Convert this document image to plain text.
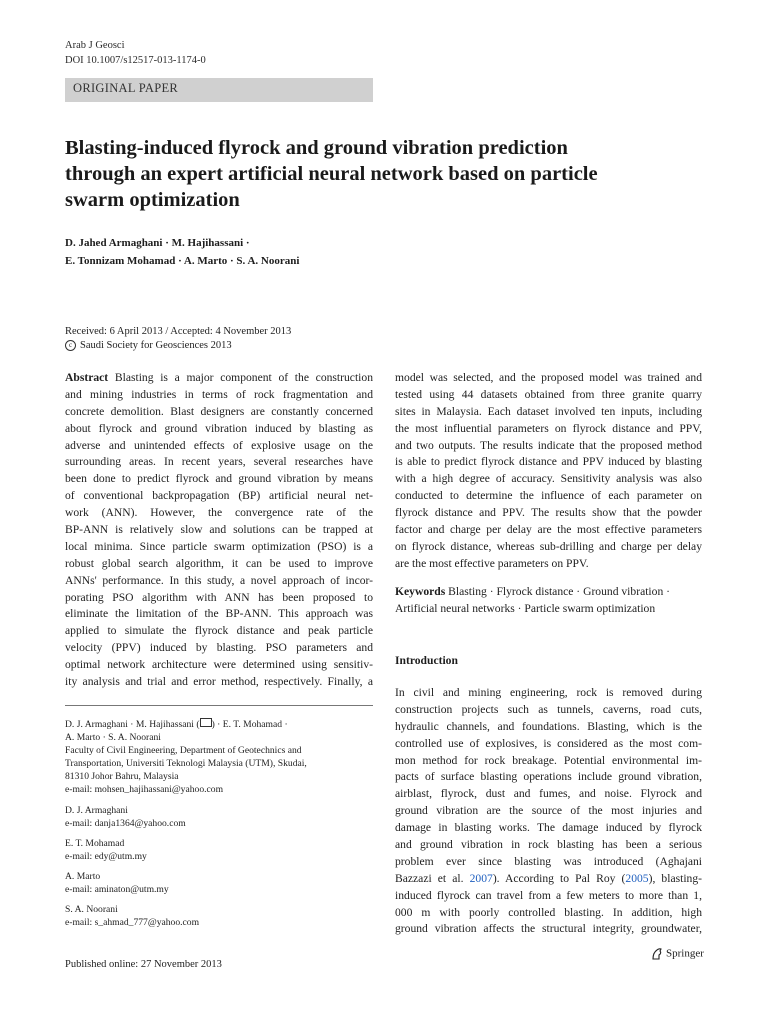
Arab J Geosci
DOI 10.1007/s12517-013-1174-0
ORIGINAL PAPER
Blasting-induced flyrock and ground vibration prediction
through an expert artificial neural network based on particle
swarm optimization
D. Jahed Armaghani · M. Hajihassani ·
E. Tonnizam Mohamad · A. Marto · S. A. Noorani
Received: 6 April 2013 / Accepted: 4 November 2013
c Saudi Society for Geosciences 2013
Abstract Blasting is a major component of the construction
and mining industries in terms of rock fragmentation and
concrete demolition. Blast designers are constantly concerned
about flyrock and ground vibration induced by blasting as
adverse and unintended effects of explosive usage on the
surrounding areas. In recent years, several researches have
been done to predict flyrock and ground vibration by means
of conventional backpropagation (BP) artificial neural net-
work (ANN). However, the convergence rate of the
BP-ANN is relatively slow and solutions can be trapped at
local minima. Since particle swarm optimization (PSO) is a
robust global search algorithm, it can be used to improve
ANNs' performance. In this study, a novel approach of incor-
porating PSO algorithm with ANN has been proposed to
eliminate the limitation of the BP-ANN. This approach was
applied to simulate the flyrock distance and peak particle
velocity (PPV) induced by blasting. PSO parameters and
optimal network architecture were determined using sensitiv-
ity analysis and trial and error method, respectively. Finally, a
model was selected, and the proposed model was trained and
tested using 44 datasets obtained from three granite quarry
sites in Malaysia. Each dataset involved ten inputs, including
the most influential parameters on flyrock distance and PPV,
and two outputs. The results indicate that the proposed method
is able to predict flyrock distance and PPV induced by blasting
with a high degree of accuracy. Sensitivity analysis was also
conducted to determine the influence of each parameter on
flyrock distance and PPV. The results show that the powder
factor and charge per delay are the most effective parameters
on flyrock distance, whereas sub-drilling and charge per delay
are the most effective parameters on PPV.
Keywords Blasting · Flyrock distance · Ground vibration ·
Artificial neural networks · Particle swarm optimization
Introduction
In civil and mining engineering, rock is removed during
construction projects such as tunnels, caverns, road cuts,
hydraulic channels, and foundations. Blasting, which is the
controlled use of explosives, is considered as the most com-
mon method for rock breakage. Potential environmental im-
pacts of surface blasting operations include ground vibration,
airblast, flyrock, dust and fumes, and noise. Flyrock and
ground vibration are the source of the most injuries and
damage in blasting works. The damage induced by flyrock
and ground vibration in rock blasting has been a serious
problem ever since blasting was introduced (Aghajani
Bazzazi et al. 2007). According to Pal Roy (2005), blasting-
induced flyrock can travel from a few meters to more than 1,
000 m with poorly controlled blasting. In addition, high
ground vibration affects the structural integrity, groundwater,
D. J. Armaghani · M. Hajihassani ( ) · E. T. Mohamad ·
A. Marto · S. A. Noorani
Faculty of Civil Engineering, Department of Geotechnics and
Transportation, Universiti Teknologi Malaysia (UTM), Skudai,
81310 Johor Bahru, Malaysia
e-mail: mohsen_hajihassani@yahoo.com
D. J. Armaghani
e-mail: danja1364@yahoo.com
E. T. Mohamad
e-mail: edy@utm.my
A. Marto
e-mail: aminaton@utm.my
S. A. Noorani
e-mail: s_ahmad_777@yahoo.com
Published online: 27 November 2013
Springer
